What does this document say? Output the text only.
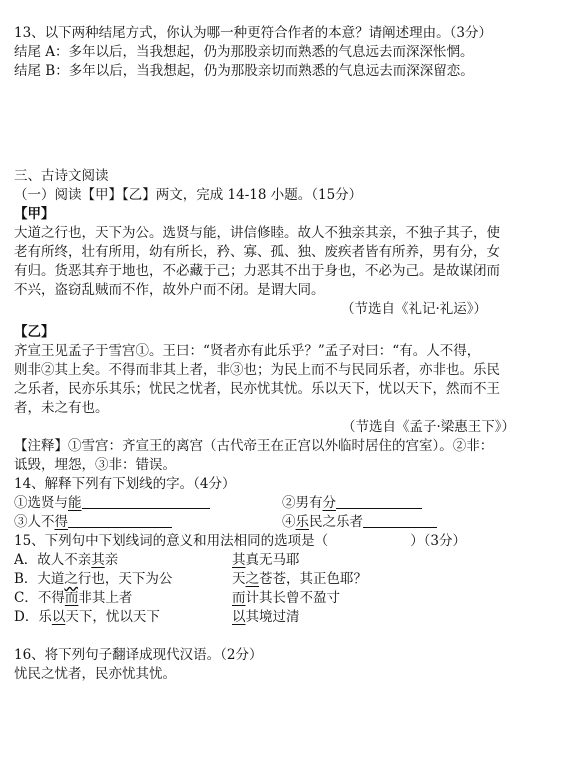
13、以下两种结尾方式，你认为哪一种更符合作者的本意？请阐述理由。（3分）
结尾 A：多年以后，当我想起，仍为那股亲切而熟悉的气息远去而深深怅惘。
结尾 B：多年以后，当我想起，仍为那股亲切而熟悉的气息远去而深深留恋。
三、古诗文阅读
（一）阅读【甲】【乙】两文，完成 14-18 小题。（15分）
【甲】
大道之行也，天下为公。选贤与能，讲信修睦。故人不独亲其亲，不独子其子，使
老有所终，壮有所用，幼有所长，矜、寡、孤、独、废疾者皆有所养，男有分，女
有归。货恶其弃于地也，不必藏于己；力恶其不出于身也，不必为己。是故谋闭而
不兴，盗窃乱贼而不作，故外户而不闭。是谓大同。
（节选自《礼记·礼运》）
【乙】
齐宣王见孟子于雪宫①。王曰：“贤者亦有此乐乎？”孟子对曰：“有。人不得，
则非②其上矣。不得而非其上者，非③也；为民上而不与民同乐者，亦非也。乐民
之乐者，民亦乐其乐；忧民之忧者，民亦忧其忧。乐以天下，忧以天下，然而不王
者，未之有也。
（节选自《孟子·梁惠王下》）
【注释】①雪宫：齐宣王的离宫（古代帝王在正宫以外临时居住的宫室）。②非：
诋毁，埋怨，③非：错误。
14、解释下列有下划线的字。（4分）
①选贤与能	②男有分
③人不得	④乐民之乐者
15、下列句中下划线词的意义和用法相同的选项是（	）（3分）
A．故人不亲其亲	其真无马耶
B．大道之行也，天下为公	天之苍苍，其正色耶？
C．不得而非其上者	而计其长曾不盈寸
D．乐以天下，忧以天下	以其境过清
16、将下列句子翻译成现代汉语。（2分）
忧民之忧者，民亦忧其忧。
